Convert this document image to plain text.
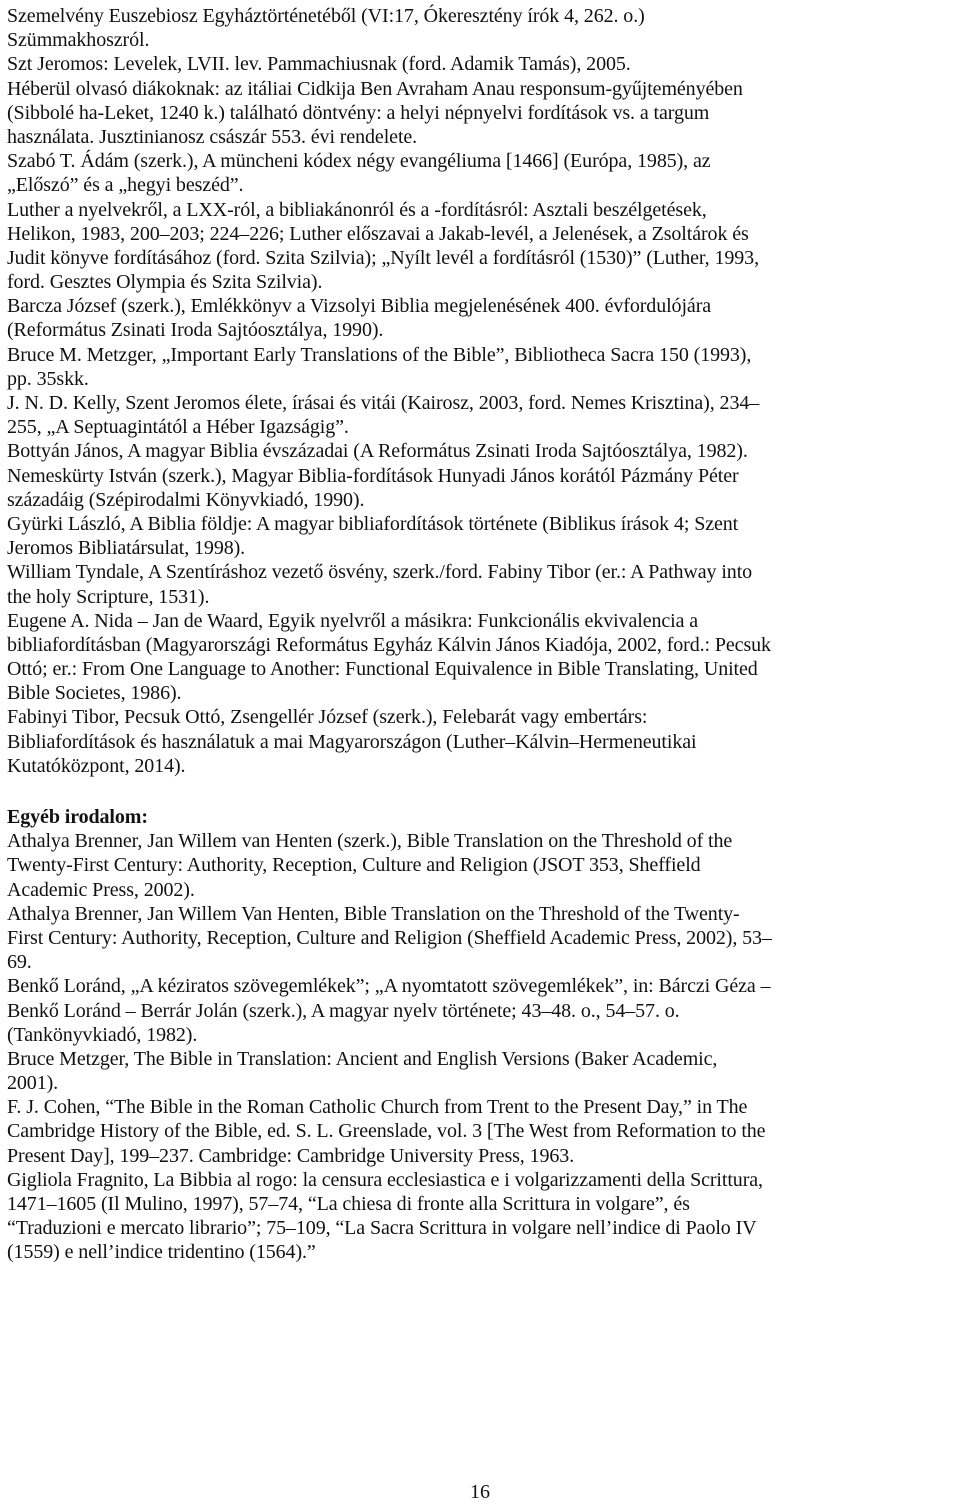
Szemelvény Euszebiosz Egyháztörténetéből (VI:17, Ókeresztény írók 4, 262. o.)
Szümmakhoszról.
Szt Jeromos: Levelek, LVII. lev. Pammachiusnak (ford. Adamik Tamás), 2005.
Héberül olvasó diákoknak: az itáliai Cidkija Ben Avraham Anau responsum-gyűjteményében
(Sibbolé ha-Leket, 1240 k.) található döntvény: a helyi népnyelvi fordítások vs. a targum
használata. Jusztinianosz császár 553. évi rendelete.
Szabó T. Ádám (szerk.), A müncheni kódex négy evangéliuma [1466] (Európa, 1985), az
„Előszó” és a „hegyi beszéd”.
Luther a nyelvekről, a LXX-ról, a bibliakánonról és a -fordításról: Asztali beszélgetések,
Helikon, 1983, 200–203; 224–226; Luther előszavai a Jakab-levél, a Jelenések, a Zsoltárok és
Judit könyve fordításához (ford. Szita Szilvia); „Nyílt levél a fordításról (1530)” (Luther, 1993,
ford. Gesztes Olympia és Szita Szilvia).
Barcza József (szerk.), Emlékkönyv a Vizsolyi Biblia megjelenésének 400. évfordulójára
(Református Zsinati Iroda Sajtóosztálya, 1990).
Bruce M. Metzger, „Important Early Translations of the Bible”, Bibliotheca Sacra 150 (1993),
pp. 35skk.
J. N. D. Kelly, Szent Jeromos élete, írásai és vitái (Kairosz, 2003, ford. Nemes Krisztina), 234–
255, „A Septuagintától a Héber Igazságig”.
Bottyán János, A magyar Biblia évszázadai (A Református Zsinati Iroda Sajtóosztálya, 1982).
Nemeskürty István (szerk.), Magyar Biblia-fordítások Hunyadi János korától Pázmány Péter
századáig (Szépirodalmi Könyvkiadó, 1990).
Gyürki László, A Biblia földje: A magyar bibliafordítások története (Biblikus írások 4; Szent
Jeromos Bibliatársulat, 1998).
William Tyndale, A Szentíráshoz vezető ösvény, szerk./ford. Fabiny Tibor (er.: A Pathway into
the holy Scripture, 1531).
Eugene A. Nida – Jan de Waard, Egyik nyelvről a másikra: Funkcionális ekvivalencia a
bibliafordításban (Magyarországi Református Egyház Kálvin János Kiadója, 2002, ford.: Pecsuk
Ottó; er.: From One Language to Another: Functional Equivalence in Bible Translating, United
Bible Societes, 1986).
Fabinyi Tibor, Pecsuk Ottó, Zsengellér József (szerk.), Felebarát vagy embertárs:
Bibliafordítások és használatuk a mai Magyarországon (Luther–Kálvin–Hermeneutikai
Kutatóközpont, 2014).
Egyéb irodalom:
Athalya Brenner, Jan Willem van Henten (szerk.), Bible Translation on the Threshold of the
Twenty-First Century: Authority, Reception, Culture and Religion (JSOT 353, Sheffield
Academic Press, 2002).
Athalya Brenner, Jan Willem Van Henten, Bible Translation on the Threshold of the Twenty-
First Century: Authority, Reception, Culture and Religion (Sheffield Academic Press, 2002), 53–
69.
Benkő Loránd, „A kéziratos szövegemlékek”; „A nyomtatott szövegemlékek”, in: Bárczi Géza –
Benkő Loránd – Berrár Jolán (szerk.), A magyar nyelv története; 43–48. o., 54–57. o.
(Tankönyvkiadó, 1982).
Bruce Metzger, The Bible in Translation: Ancient and English Versions (Baker Academic,
2001).
F. J. Cohen, “The Bible in the Roman Catholic Church from Trent to the Present Day,” in The
Cambridge History of the Bible, ed. S. L. Greenslade, vol. 3 [The West from Reformation to the
Present Day], 199–237. Cambridge: Cambridge University Press, 1963.
Gigliola Fragnito, La Bibbia al rogo: la censura ecclesiastica e i volgarizzamenti della Scrittura,
1471–1605 (Il Mulino, 1997), 57–74, “La chiesa di fronte alla Scrittura in volgare”, és
“Traduzioni e mercato librario”; 75–109, “La Sacra Scrittura in volgare nell’indice di Paolo IV
(1559) e nell’indice tridentino (1564).”
16
